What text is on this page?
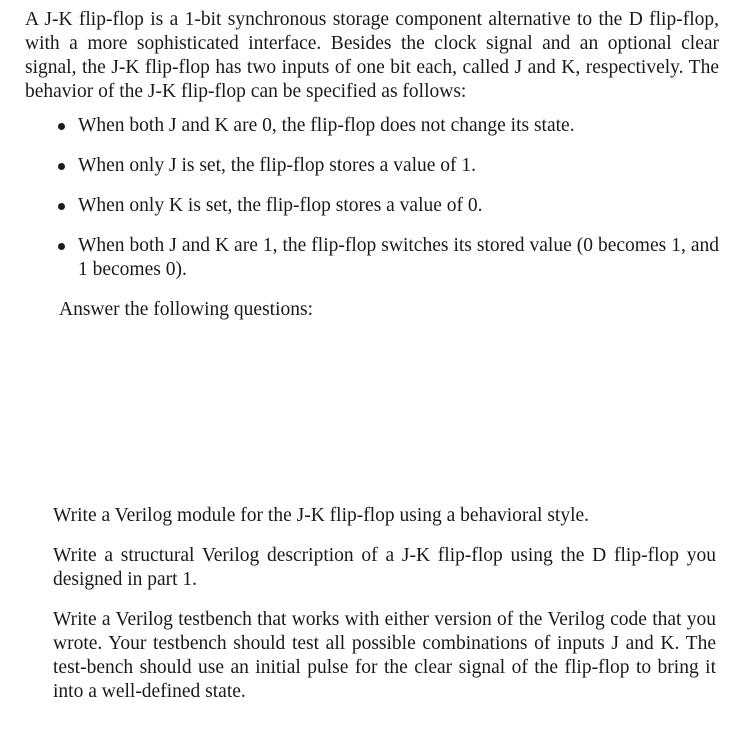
A J-K flip-flop is a 1-bit synchronous storage component alternative to the D flip-flop, with a more sophisticated interface. Besides the clock signal and an optional clear signal, the J-K flip-flop has two inputs of one bit each, called J and K, respectively. The behavior of the J-K flip-flop can be specified as follows:

When both J and K are 0, the flip-flop does not change its state.
When only J is set, the flip-flop stores a value of 1.
When only K is set, the flip-flop stores a value of 0.
When both J and K are 1, the flip-flop switches its stored value (0 becomes 1, and 1 becomes 0).

Answer the following questions:

Write a Verilog module for the J-K flip-flop using a behavioral style.
Write a structural Verilog description of a J-K flip-flop using the D flip-flop you designed in part 1.
Write a Verilog testbench that works with either version of the Verilog code that you wrote. Your testbench should test all possible combinations of inputs J and K. The test-bench should use an initial pulse for the clear signal of the flip-flop to bring it into a well-defined state.
